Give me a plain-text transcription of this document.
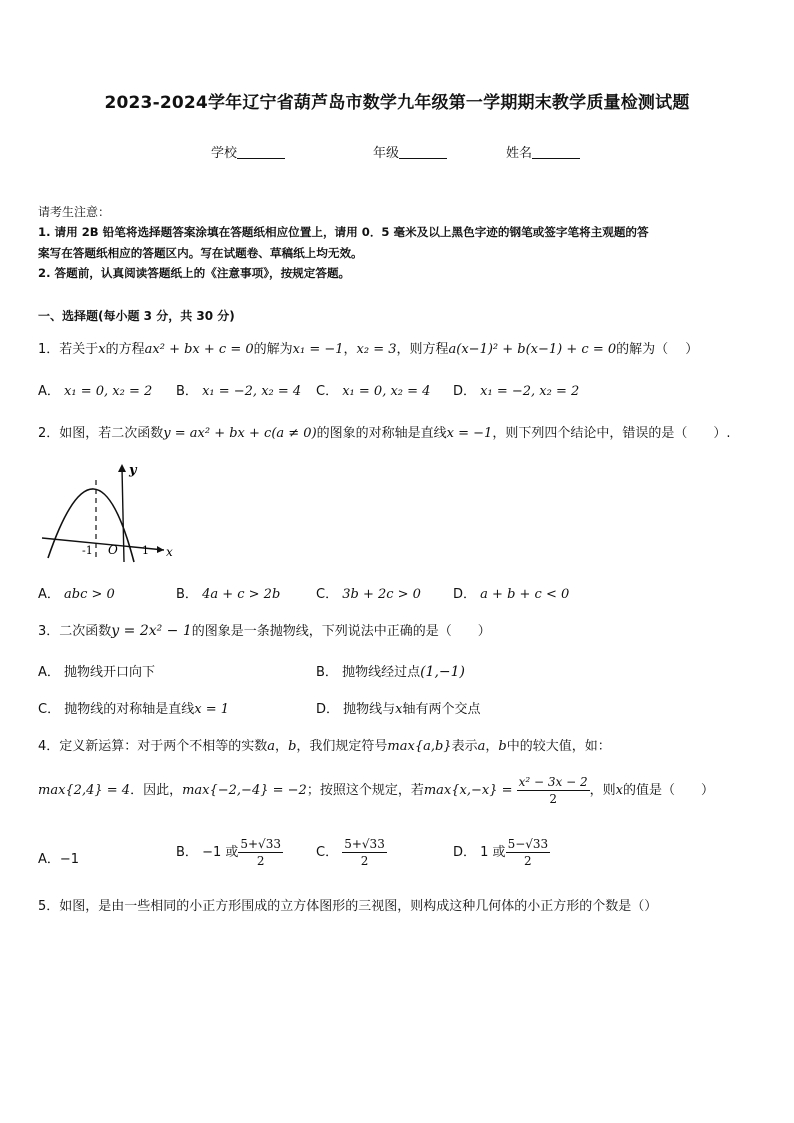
2023-2024学年辽宁省葫芦岛市数学九年级第一学期期末教学质量检测试题
学校	年级	姓名
请考生注意：
1. 请用 2B 铅笔将选择题答案涂填在答题纸相应位置上，请用 0．5 毫米及以上黑色字迹的钢笔或签字笔将主观题的答
案写在答题纸相应的答题区内。写在试题卷、草稿纸上均无效。
2. 答题前，认真阅读答题纸上的《注意事项》，按规定答题。
一、选择题(每小题 3 分，共 30 分)
1．若关于x的方程ax² + bx + c = 0的解为x₁ = −1，x₂ = 3，则方程a(x−1)² + b(x−1) + c = 0的解为（　 ）
A． x₁ = 0, x₂ = 2 B． x₁ = −2, x₂ = 4 C． x₁ = 0, x₂ = 4 D． x₁ = −2, x₂ = 2
2．如图，若二次函数y = ax² + bx + c(a ≠ 0)的图象的对称轴是直线x = −1，则下列四个结论中，错误的是（　　）.
y
x
O
-1	1
A． abc > 0	B． 4a + c > 2b	C． 3b + 2c > 0 D． a + b + c < 0
3．二次函数y = 2x² − 1的图象是一条抛物线，下列说法中正确的是（　　）
A． 抛物线开口向下	B． 抛物线经过点(1,−1)
C． 抛物线的对称轴是直线x = 1	D． 抛物线与x轴有两个交点
4．定义新运算：对于两个不相等的实数a，b，我们规定符号max{a,b}表示a，b中的较大值，如：
max{2,4} = 4．因此，max{−2,−4} = −2；按照这个规定，若$\max\{x,-x\} = \frac{\text{x² − 3x − 2}}{2}$ ，则x的值是（　　）
A．−1	B． −1 或 $\frac{5+√33}{2}$	C． $\frac{5+√33}{2}$	D． 1 或 $\frac{5-√33}{2}$
5．如图，是由一些相同的小正方形围成的立方体图形的三视图，则构成这种几何体的小正方形的个数是（）
